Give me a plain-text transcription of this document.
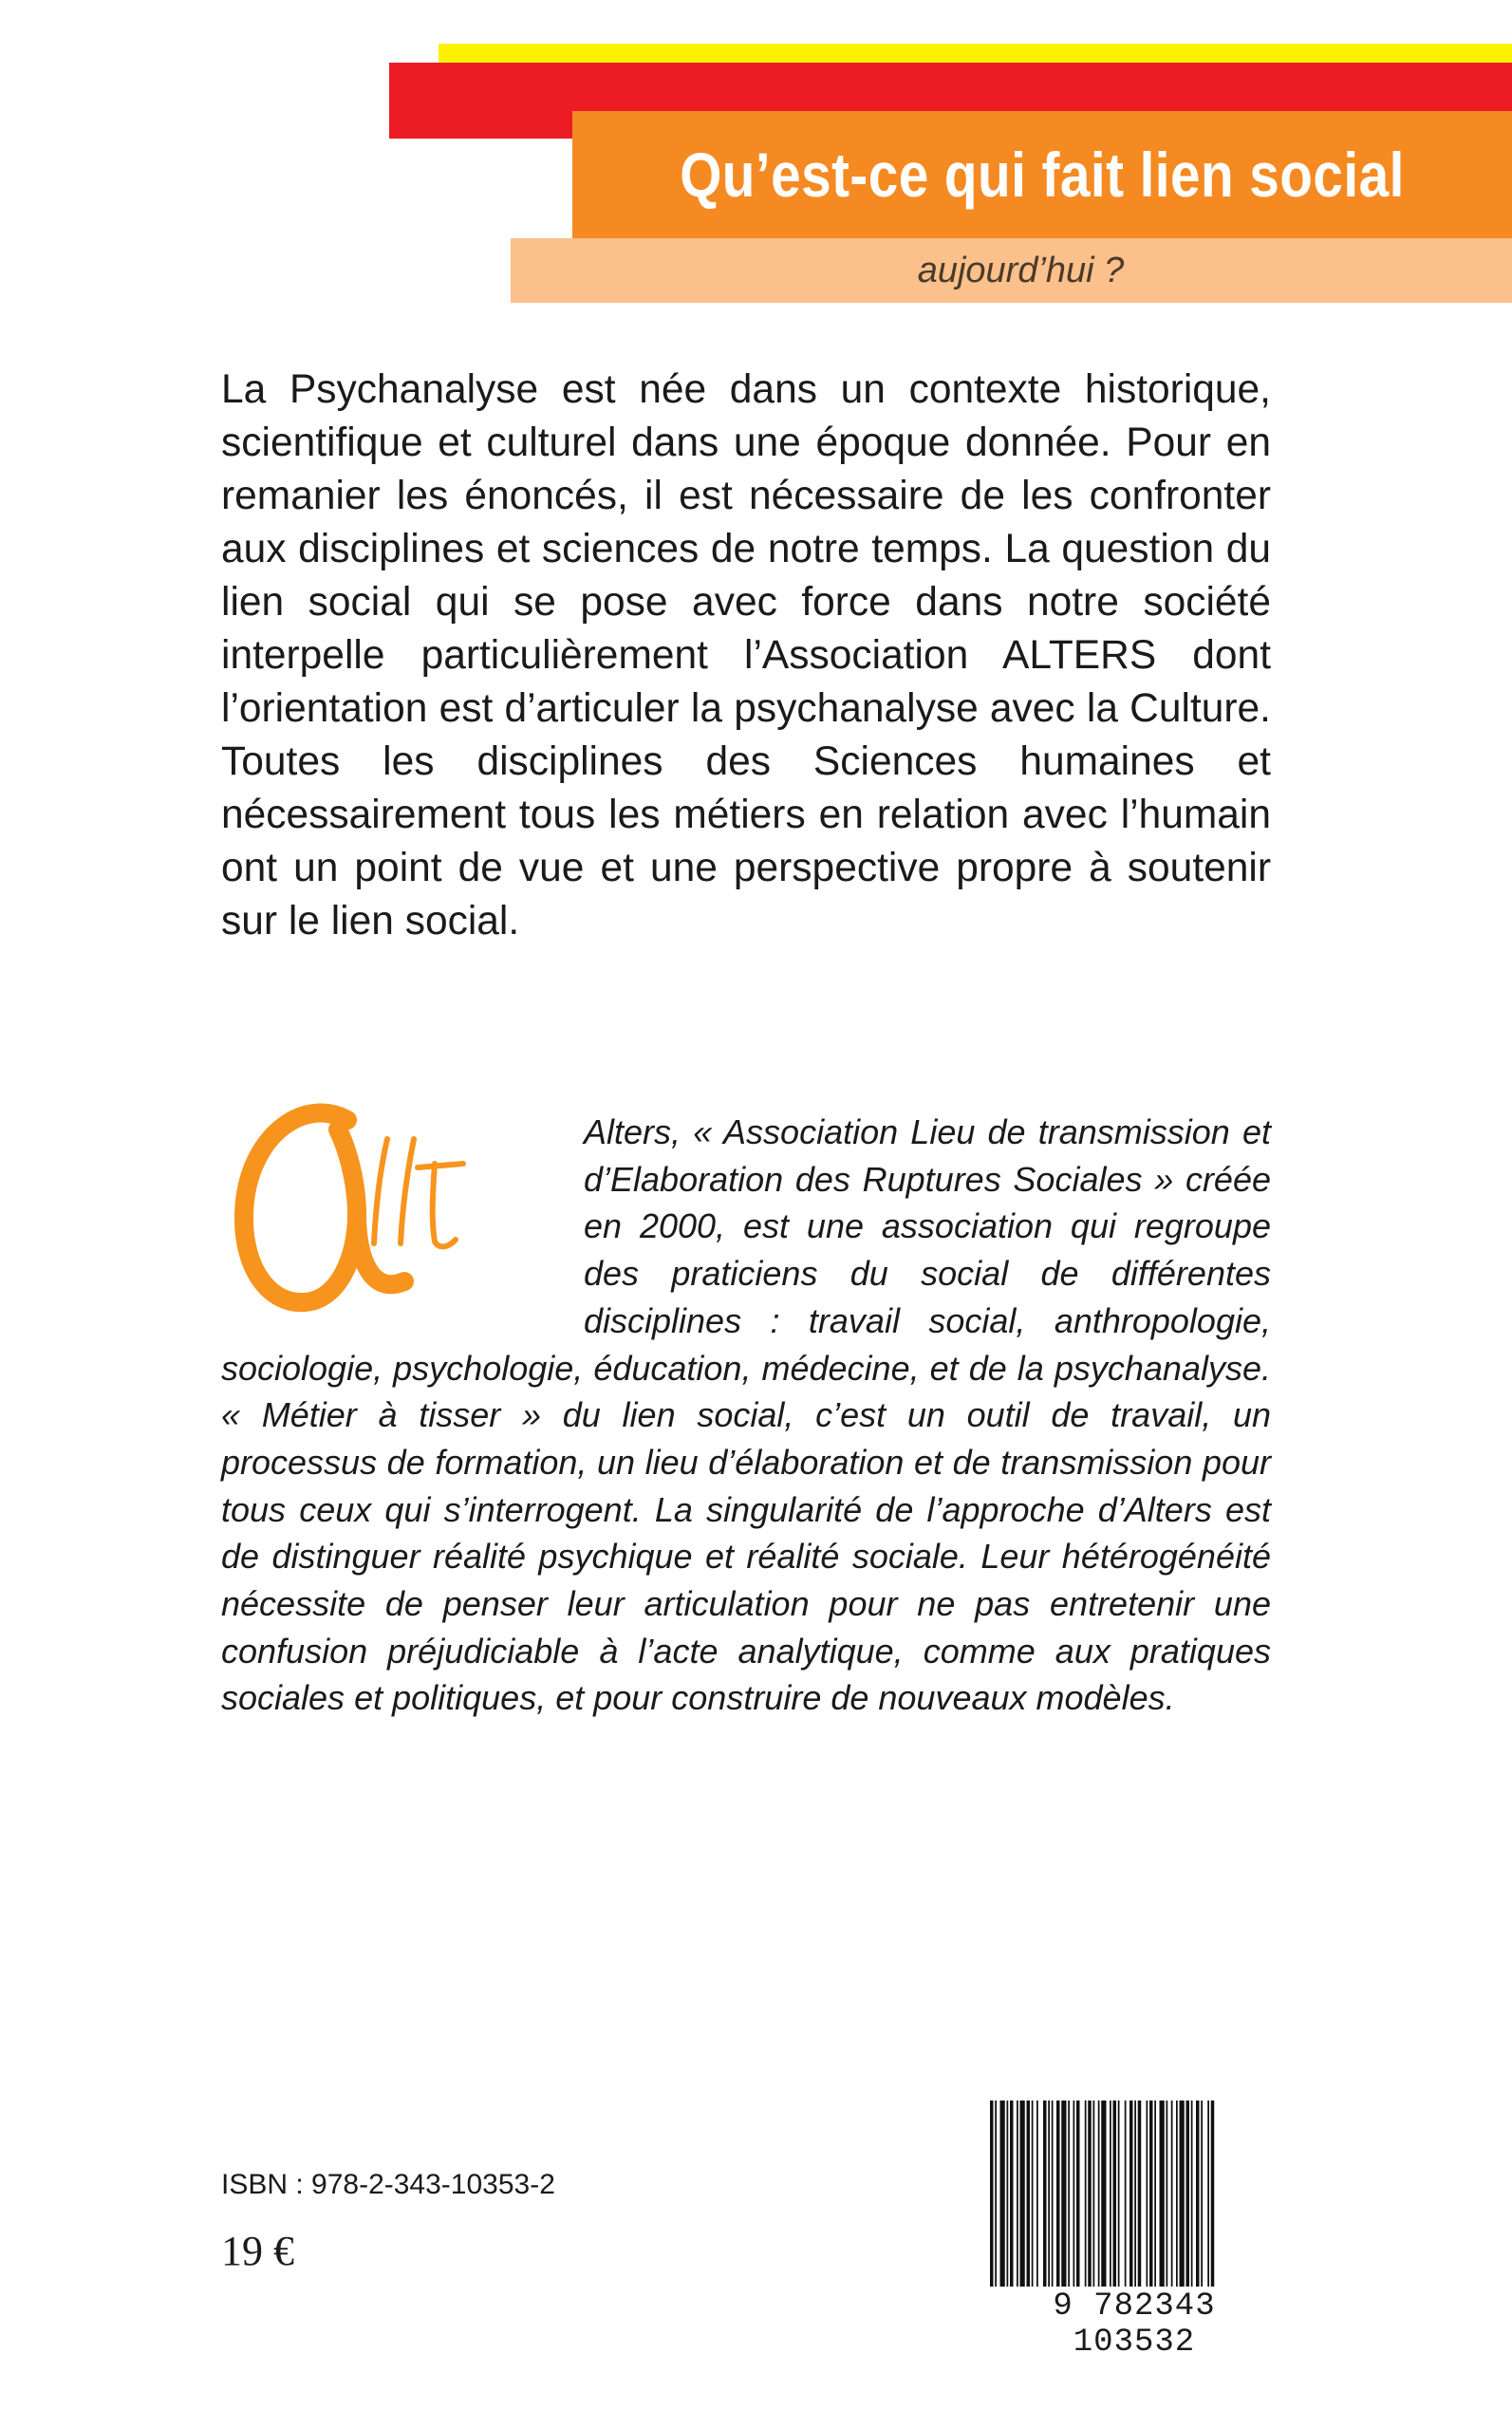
Qu’est-ce qui fait lien social
aujourd’hui ?

La Psychanalyse est née dans un contexte historique, scientifique et culturel dans une époque donnée. Pour en remanier les énoncés, il est nécessaire de les confronter aux disciplines et sciences de notre temps. La question du lien social qui se pose avec force dans notre société interpelle particulièrement l’Association ALTERS dont l’orientation est d’articuler la psychanalyse avec la Culture. Toutes les disciplines des Sciences humaines et nécessairement tous les métiers en relation avec l’humain ont un point de vue et une perspective propre à soutenir sur le lien social.

Alters, « Association Lieu de transmission et d’Elaboration des Ruptures Sociales » créée en 2000, est une association qui regroupe des praticiens du social de différentes disciplines : travail social, anthropologie, sociologie, psychologie, éducation, médecine, et de la psychanalyse. « Métier à tisser » du lien social, c’est un outil de travail, un processus de formation, un lieu d’élaboration et de transmission pour tous ceux qui s’interrogent. La singularité de l’approche d’Alters est de distinguer réalité psychique et réalité sociale. Leur hétérogénéité nécessite de penser leur articulation pour ne pas entretenir une confusion préjudiciable à l’acte analytique, comme aux pratiques sociales et politiques, et pour construire de nouveaux modèles.

ISBN : 978-2-343-10353-2
19 €
9 782343 103532
